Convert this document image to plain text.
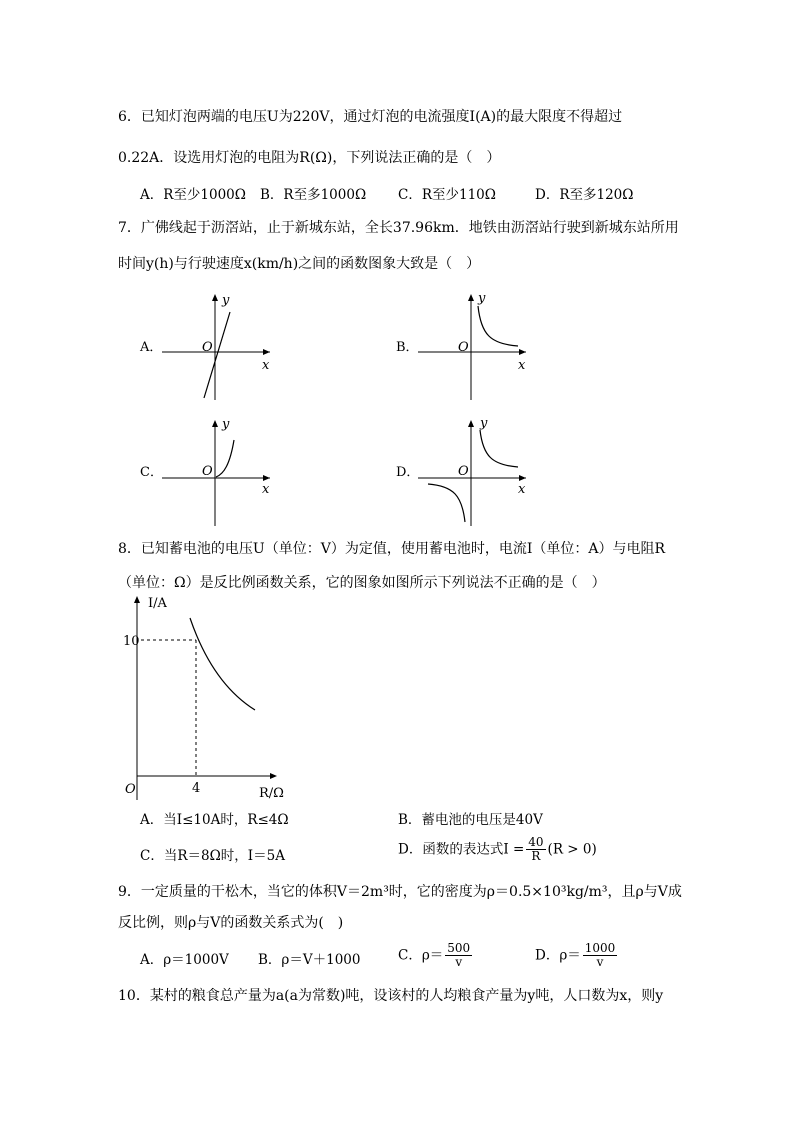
6．已知灯泡两端的电压U为220V，通过灯泡的电流强度I(A)的最大限度不得超过
0.22A．设选用灯泡的电阻为R(Ω)，下列说法正确的是（　）
A．R至少1000Ω B．R至多1000Ω C．R至少110Ω	D．R至多120Ω
7．广佛线起于沥滘站，止于新城东站，全长37.96km．地铁由沥滘站行驶到新城东站所用
时间y(h)与行驶速度x(km/h)之间的函数图象大致是（　）
A．	O
x
y
B．	O
x
y
C．	O
x
y
D．	O
x
y
8．已知蓄电池的电压U（单位：V）为定值，使用蓄电池时，电流I（单位：A）与电阻R
（单位：Ω）是反比例函数关系，它的图象如图所示下列说法不正确的是（　）
I/A
R/Ω
O
10
4
A．当I≤10A时，R≤4Ω	B．蓄电池的电压是40V
C．当R＝8Ω时，I＝5A	D．函数的表达式$I = \frac{40}{R} (R > 0)$
9．一定质量的干松木，当它的体积V＝2m³时，它的密度为ρ＝0.5×10³kg/m³，且ρ与V成
反比例，则ρ与V的函数关系式为(　)
A．ρ＝1000V B．ρ＝V＋1000	C．$\rho= \frac{500}{v}$	D．$\rho= \frac{1000}{v}$
10．某村的粮食总产量为a(a为常数)吨，设该村的人均粮食产量为y吨，人口数为x，则y
